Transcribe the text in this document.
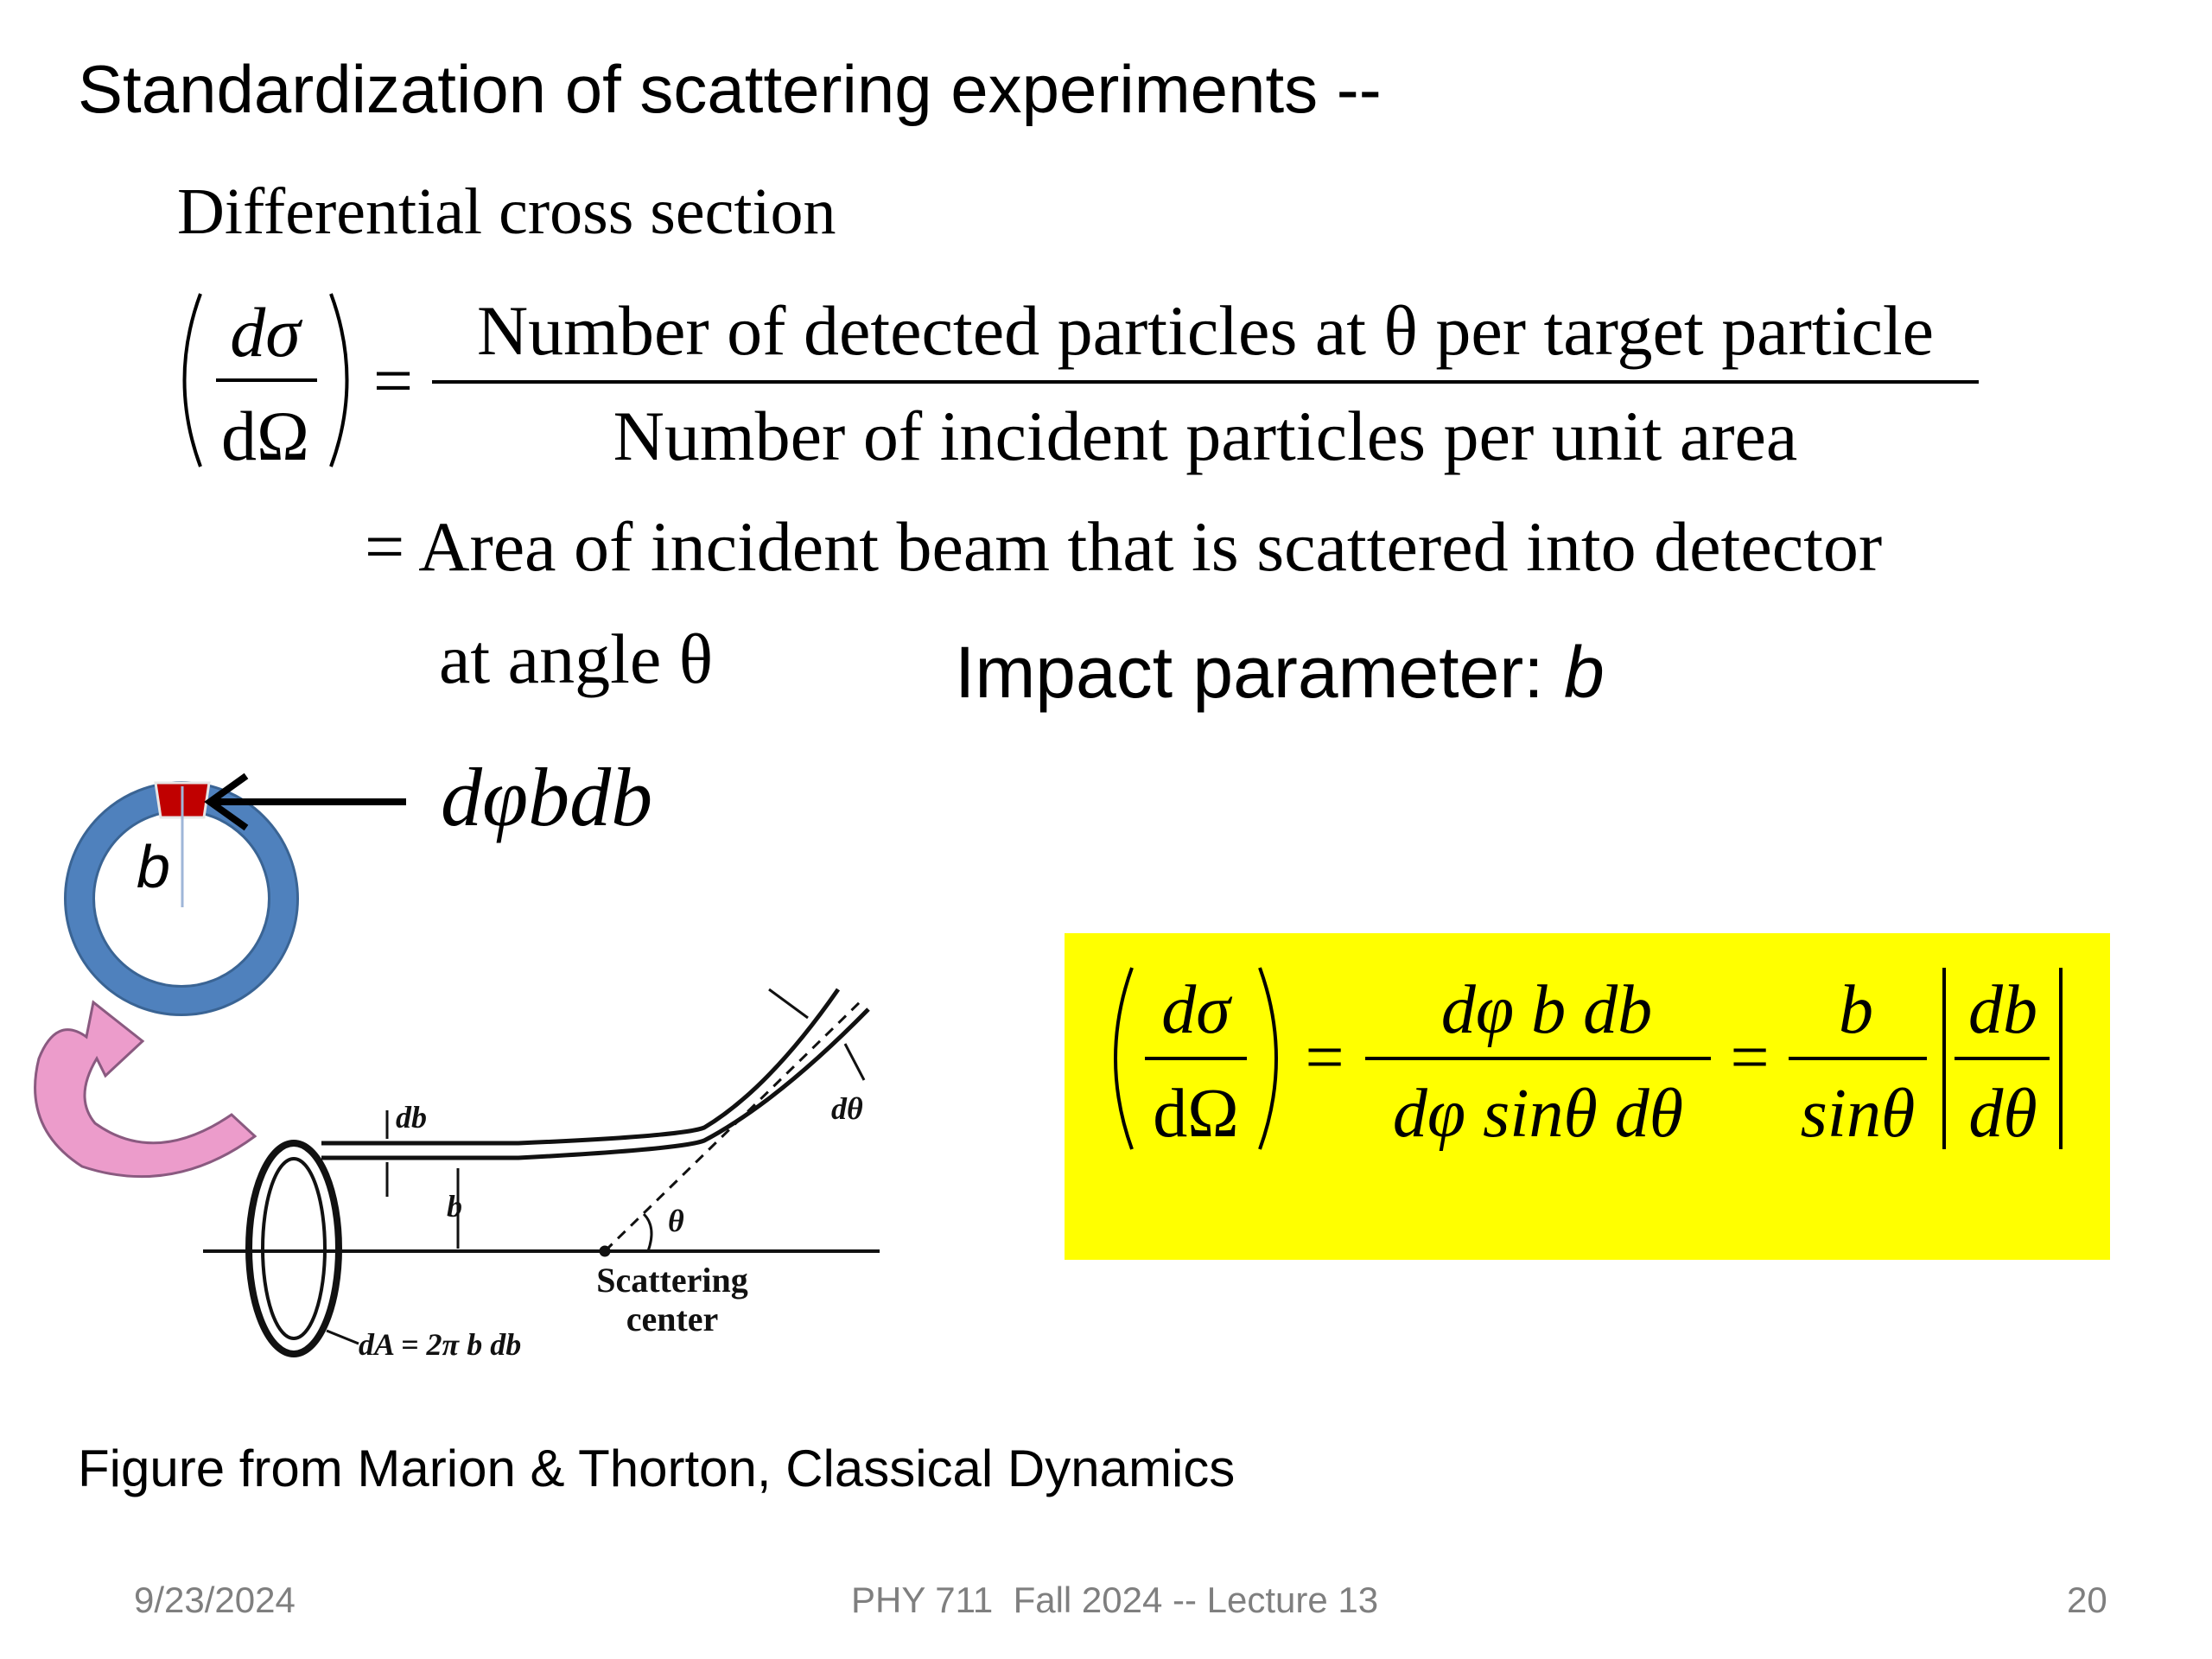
Standardization of scattering experiments --
Differential cross section
Impact parameter: b
Figure from Marion & Thorton, Classical Dynamics
dσ
dΩ
=
Number of detected particles at θ per target particle
Number of incident particles per unit area
= Area of incident beam that is scattered into detector
at angle θ
b
dφbdb
db
b
dθ
θ
Scattering
center
dA = 2π b db
dσ
dΩ
=
dφ b db
dφ sinθ dθ
=
b
sinθ
db
dθ
9/23/2024	PHY 711  Fall 2024 -- Lecture 13	20
